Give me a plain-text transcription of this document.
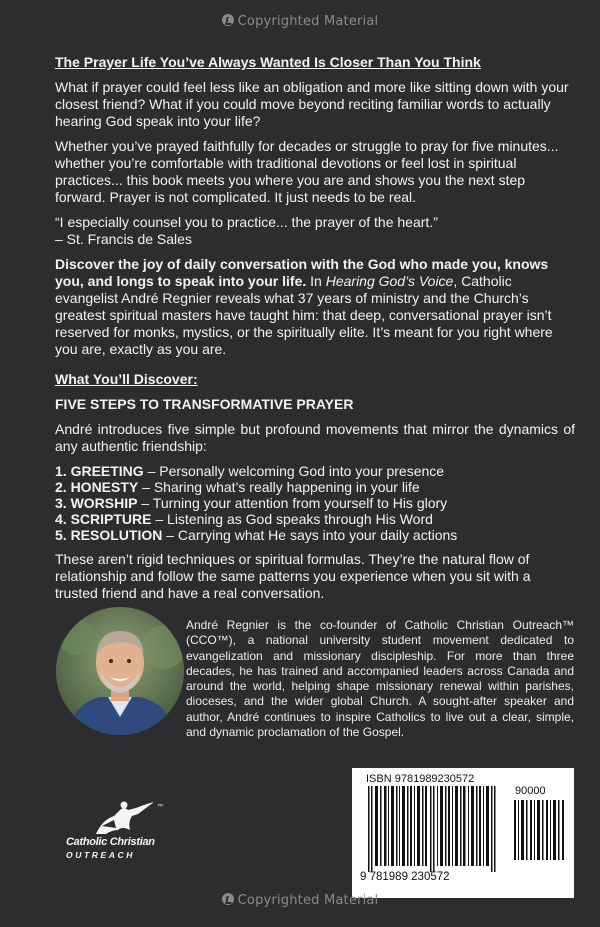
Copyrighted Material

The Prayer Life You’ve Always Wanted Is Closer Than You Think

What if prayer could feel less like an obligation and more like sitting down with your closest friend? What if you could move beyond reciting familiar words to actually hearing God speak into your life?

Whether you’ve prayed faithfully for decades or struggle to pray for five minutes... whether you’re comfortable with traditional devotions or feel lost in spiritual practices... this book meets you where you are and shows you the next step forward. Prayer is not complicated. It just needs to be real.

“I especially counsel you to practice... the prayer of the heart.”

– St. Francis de Sales

Discover the joy of daily conversation with the God who made you, knows you, and longs to speak into your life. In Hearing God’s Voice, Catholic evangelist André Regnier reveals what 37 years of ministry and the Church’s greatest spiritual masters have taught him: that deep, conversational prayer isn’t reserved for monks, mystics, or the spiritually elite. It’s meant for you right where you are, exactly as you are.

What You’ll Discover:

FIVE STEPS TO TRANSFORMATIVE PRAYER

André introduces five simple but profound movements that mirror the dynamics of any authentic friendship:

1. GREETING – Personally welcoming God into your presence
2. HONESTY – Sharing what’s really happening in your life
3. WORSHIP – Turning your attention from yourself to His glory
4. SCRIPTURE – Listening as God speaks through His Word
5. RESOLUTION – Carrying what He says into your daily actions

These aren’t rigid techniques or spiritual formulas. They’re the natural flow of relationship and follow the same patterns you experience when you sit with a trusted friend and have a real conversation.

André Regnier is the co-founder of Catholic Christian Outreach™ (CCO™), a national university student movement dedicated to evangelization and missionary discipleship. For more than three decades, he has trained and accompanied leaders across Canada and around the world, helping shape missionary renewal within parishes, dioceses, and the wider global Church. A sought-after speaker and author, André continues to inspire Catholics to live out a clear, simple, and dynamic proclamation of the Gospel.

™
Catholic Christian
OUTREACH
ISBN 9781989230572
90000
9 781989 230572
Copyrighted Material
